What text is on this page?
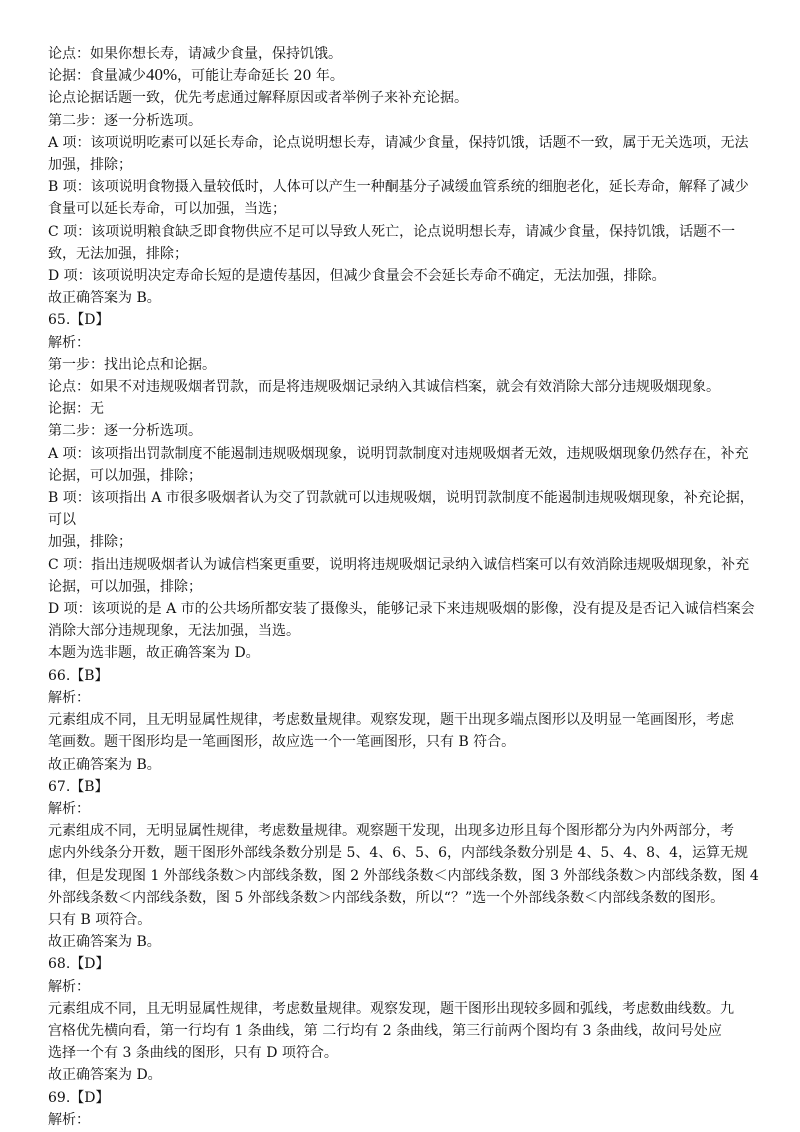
论点：如果你想长寿，请减少食量，保持饥饿。
论据：食量减少40%，可能让寿命延长 20 年。
论点论据话题一致，优先考虑通过解释原因或者举例子来补充论据。
第二步：逐一分析选项。
A 项：该项说明吃素可以延长寿命，论点说明想长寿，请减少食量，保持饥饿，话题不一致，属于无关选项，无法
加强，排除；
B 项：该项说明食物摄入量较低时，人体可以产生一种酮基分子减缓血管系统的细胞老化，延长寿命，解释了减少
食量可以延长寿命，可以加强，当选；
C 项：该项说明粮食缺乏即食物供应不足可以导致人死亡，论点说明想长寿，请减少食量，保持饥饿，话题不一
致，无法加强，排除；
D 项：该项说明决定寿命长短的是遗传基因，但减少食量会不会延长寿命不确定，无法加强，排除。
故正确答案为 B。
65.【D】
解析：
第一步：找出论点和论据。
论点：如果不对违规吸烟者罚款，而是将违规吸烟记录纳入其诚信档案，就会有效消除大部分违规吸烟现象。
论据：无
第二步：逐一分析选项。
A 项：该项指出罚款制度不能遏制违规吸烟现象，说明罚款制度对违规吸烟者无效，违规吸烟现象仍然存在，补充
论据，可以加强，排除；
B 项：该项指出 A 市很多吸烟者认为交了罚款就可以违规吸烟，说明罚款制度不能遏制违规吸烟现象，补充论据，可以
加强，排除；
C 项：指出违规吸烟者认为诚信档案更重要，说明将违规吸烟记录纳入诚信档案可以有效消除违规吸烟现象，补充
论据，可以加强，排除；
D 项：该项说的是 A 市的公共场所都安装了摄像头，能够记录下来违规吸烟的影像，没有提及是否记入诚信档案会
消除大部分违规现象，无法加强，当选。
本题为选非题，故正确答案为 D。
66.【B】
解析：
元素组成不同，且无明显属性规律，考虑数量规律。观察发现，题干出现多端点图形以及明显一笔画图形，考虑
笔画数。题干图形均是一笔画图形，故应选一个一笔画图形，只有 B 符合。
故正确答案为 B。
67.【B】
解析：
元素组成不同，无明显属性规律，考虑数量规律。观察题干发现，出现多边形且每个图形都分为内外两部分，考
虑内外线条分开数，题干图形外部线条数分别是 5、4、6、5、6，内部线条数分别是 4、5、4、8、4，运算无规
律，但是发现图 1 外部线条数＞内部线条数，图 2 外部线条数＜内部线条数，图 3 外部线条数＞内部线条数，图 4
外部线条数＜内部线条数，图 5 外部线条数＞内部线条数，所以“？”选一个外部线条数＜内部线条数的图形。
只有 B 项符合。
故正确答案为 B。
68.【D】
解析：
元素组成不同，且无明显属性规律，考虑数量规律。观察发现，题干图形出现较多圆和弧线，考虑数曲线数。九
宫格优先横向看，第一行均有 1 条曲线，第 二行均有 2 条曲线，第三行前两个图均有 3 条曲线，故问号处应
选择一个有 3 条曲线的图形，只有 D 项符合。
故正确答案为 D。
69.【D】
解析：
